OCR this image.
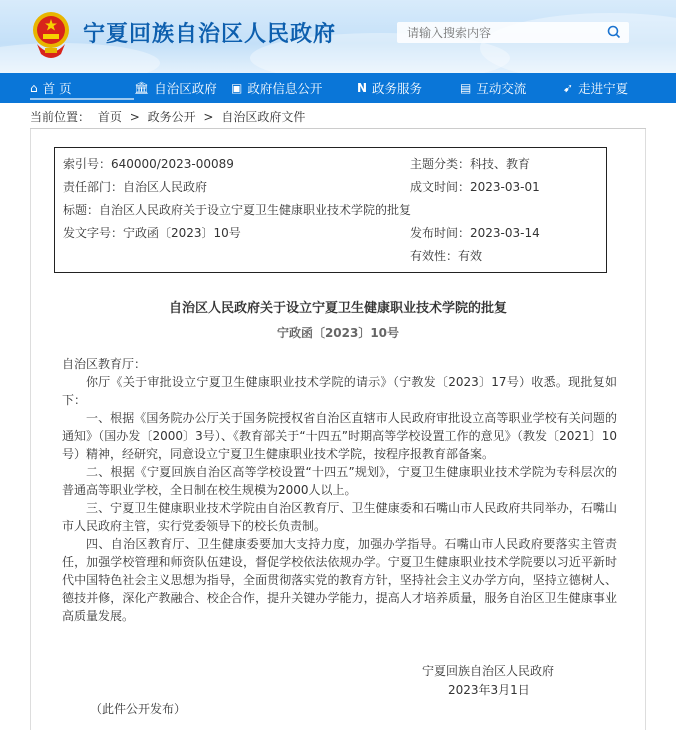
宁夏回族自治区人民政府
请输入搜索内容
⌂ 首 页	🏛︎ 自治区政府 ▣ 政府信息公开	N 政务服务	▤ 互动交流	➹ 走进宁夏
当前位置： 首页 > 政务公开 > 自治区政府文件
索引号：640000/2023-00089	主题分类：科技、教育
责任部门：自治区人民政府	成文时间：2023-03-01
标题：自治区人民政府关于设立宁夏卫生健康职业技术学院的批复
发文字号：宁政函〔2023〕10号	发布时间：2023-03-14
有效性：有效
自治区人民政府关于设立宁夏卫生健康职业技术学院的批复
宁政函〔2023〕10号

自治区教育厅：

你厅《关于审批设立宁夏卫生健康职业技术学院的请示》（宁教发〔2023〕17号）收悉。现批复如下：

一、根据《国务院办公厅关于国务院授权省自治区直辖市人民政府审批设立高等职业学校有关问题的通知》（国办发〔2000〕3号）、《教育部关于“十四五”时期高等学校设置工作的意见》（教发〔2021〕10号）精神，经研究，同意设立宁夏卫生健康职业技术学院，按程序报教育部备案。

二、根据《宁夏回族自治区高等学校设置“十四五”规划》，宁夏卫生健康职业技术学院为专科层次的普通高等职业学校，全日制在校生规模为2000人以上。

三、宁夏卫生健康职业技术学院由自治区教育厅、卫生健康委和石嘴山市人民政府共同举办，石嘴山市人民政府主管，实行党委领导下的校长负责制。

四、自治区教育厅、卫生健康委要加大支持力度，加强办学指导。石嘴山市人民政府要落实主管责任，加强学校管理和师资队伍建设，督促学校依法依规办学。宁夏卫生健康职业技术学院要以习近平新时代中国特色社会主义思想为指导，全面贯彻落实党的教育方针，坚持社会主义办学方向，坚持立德树人、德技并修，深化产教融合、校企合作，提升关键办学能力，提高人才培养质量，服务自治区卫生健康事业高质量发展。

宁夏回族自治区人民政府
2023年3月1日
（此件公开发布）
